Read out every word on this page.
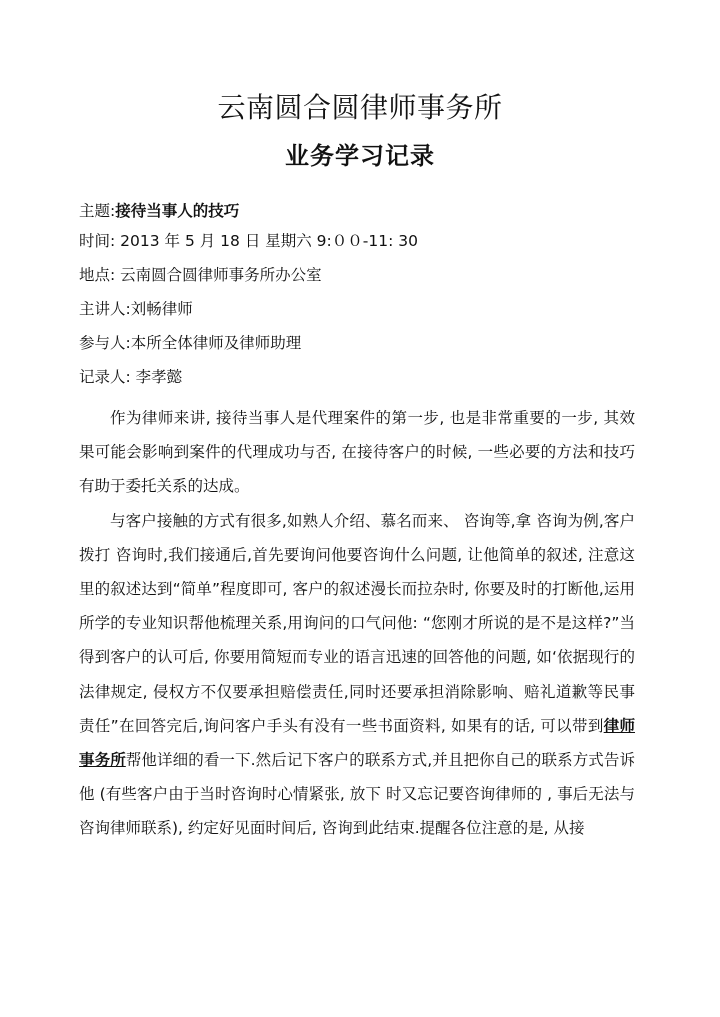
云南圆合圆律师事务所
业务学习记录
主题:接待当事人的技巧
时间: 2013 年 5 月 18 日 星期六 9:００-11: 30
地点: 云南圆合圆律师事务所办公室
主讲人:刘畅律师
参与人:本所全体律师及律师助理
记录人: 李孝懿

作为律师来讲, 接待当事人是代理案件的第一步, 也是非常重要的一步, 其效果可能会影响到案件的代理成功与否, 在接待客户的时候, 一些必要的方法和技巧有助于委托关系的达成。

与客户接触的方式有很多,如熟人介绍、慕名而来、 咨询等,拿 咨询为例,客户拨打 咨询时,我们接通后,首先要询问他要咨询什么问题, 让他简单的叙述, 注意这里的叙述达到“简单”程度即可, 客户的叙述漫长而拉杂时, 你要及时的打断他,运用所学的专业知识帮他梳理关系,用询问的口气问他: “您刚才所说的是不是这样?”当得到客户的认可后, 你要用简短而专业的语言迅速的回答他的问题, 如‘依据现行的法律规定, 侵权方不仅要承担赔偿责任,同时还要承担消除影响、赔礼道歉等民事责任”在回答完后,询问客户手头有没有一些书面资料, 如果有的话, 可以带到律师事务所帮他详细的看一下.然后记下客户的联系方式,并且把你自己的联系方式告诉他 (有些客户由于当时咨询时心情紧张, 放下 时又忘记要咨询律师的 , 事后无法与咨询律师联系), 约定好见面时间后, 咨询到此结束.提醒各位注意的是, 从接
